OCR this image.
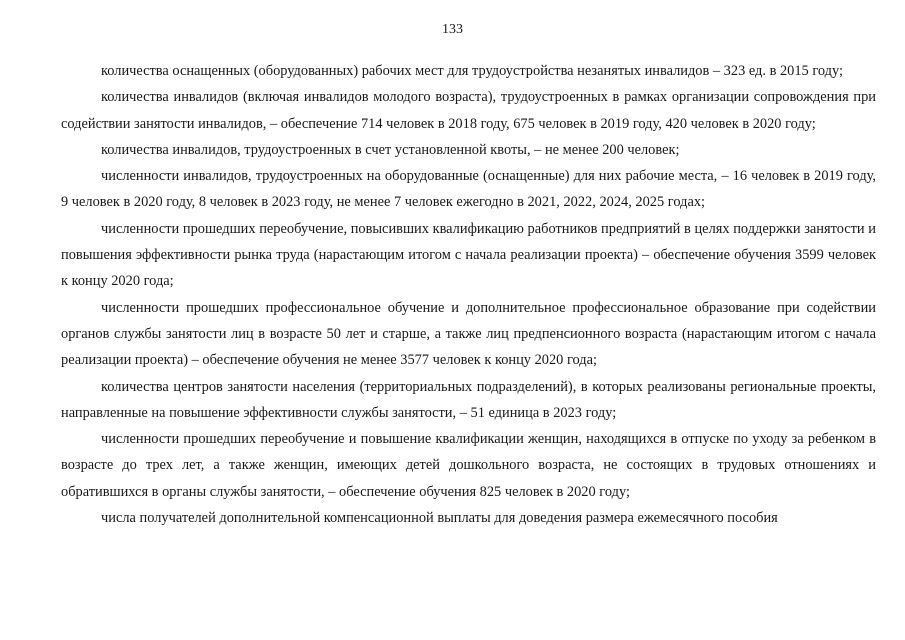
133

количества оснащенных (оборудованных) рабочих мест для трудоустройства незанятых инвалидов – 323 ед. в 2015 году;

количества инвалидов (включая инвалидов молодого возраста), трудоустроенных в рамках организации сопровождения при содействии занятости инвалидов, – обеспечение 714 человек в 2018 году, 675 человек в 2019 году, 420 человек в 2020 году;

количества инвалидов, трудоустроенных в счет установленной квоты, – не менее 200 человек;

численности инвалидов, трудоустроенных на оборудованные (оснащенные) для них рабочие места, – 16 человек в 2019 году, 9 человек в 2020 году, 8 человек в 2023 году, не менее 7 человек ежегодно в 2021, 2022, 2024, 2025 годах;

численности прошедших переобучение, повысивших квалификацию работников предприятий в целях поддержки занятости и повышения эффективности рынка труда (нарастающим итогом с начала реализации проекта) – обеспечение обучения 3599 человек к концу 2020 года;

численности прошедших профессиональное обучение и дополнительное профессиональное образование при содействии органов службы занятости лиц в возрасте 50 лет и старше, а также лиц предпенсионного возраста (нарастающим итогом с начала реализации проекта) – обеспечение обучения не менее 3577 человек к концу 2020 года;

количества центров занятости населения (территориальных подразделений), в которых реализованы региональные проекты, направленные на повышение эффективности службы занятости, – 51 единица в 2023 году;

численности прошедших переобучение и повышение квалификации женщин, находящихся в отпуске по уходу за ребенком в возрасте до трех лет, а также женщин, имеющих детей дошкольного возраста, не состоящих в трудовых отношениях и обратившихся в органы службы занятости, – обеспечение обучения 825 человек в 2020 году;

числа получателей дополнительной компенсационной выплаты для доведения размера ежемесячного пособия
